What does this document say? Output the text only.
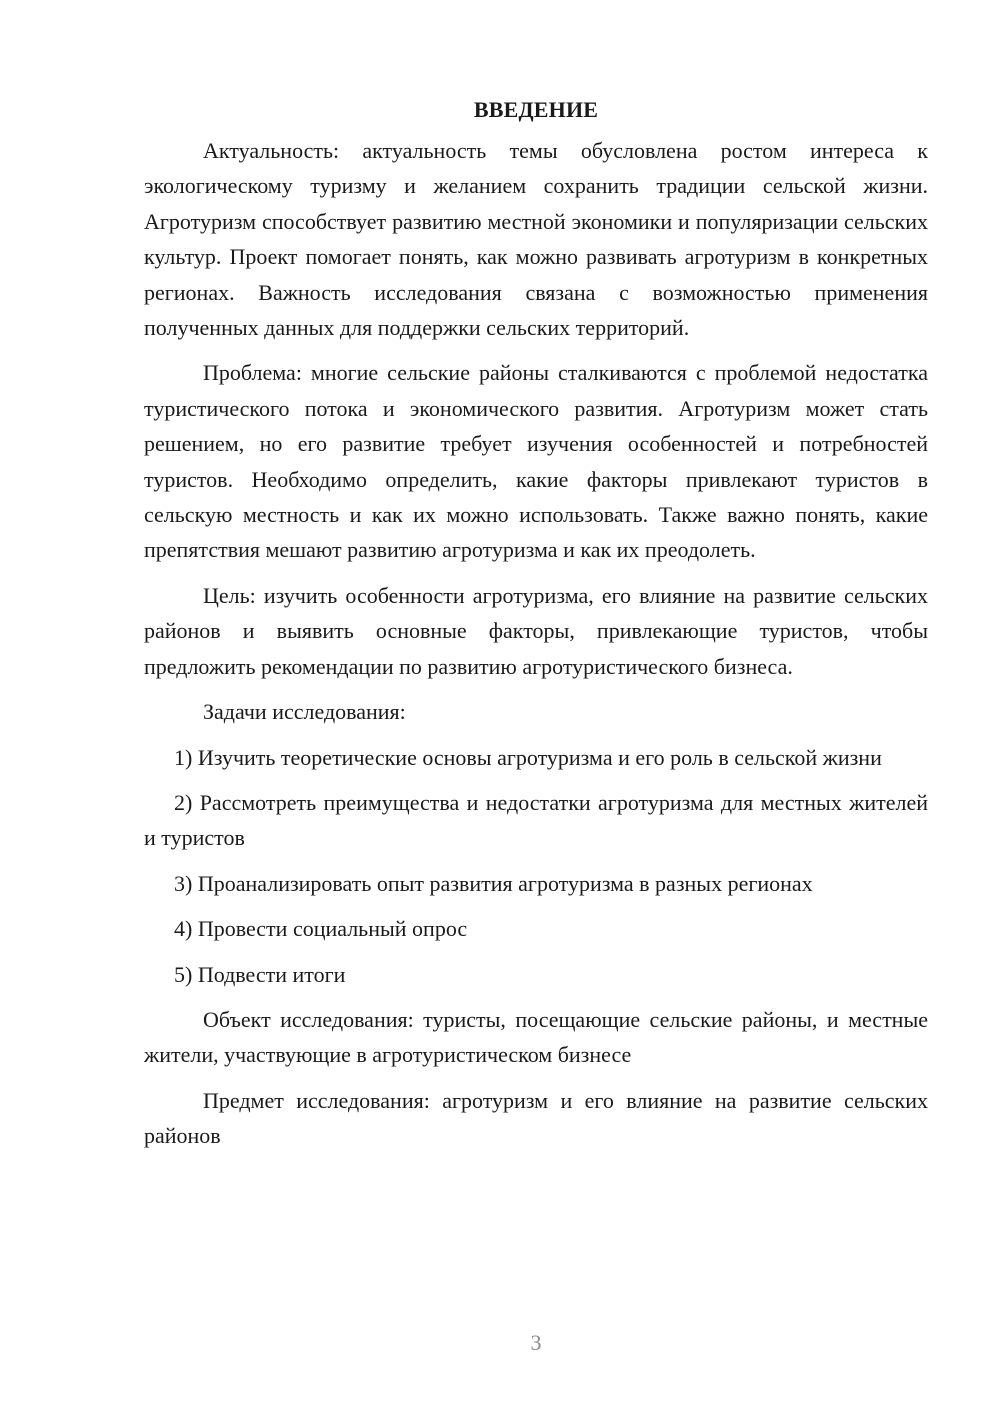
ВВЕДЕНИЕ

Актуальность: актуальность темы обусловлена ростом интереса к экологическому туризму и желанием сохранить традиции сельской жизни. Агротуризм способствует развитию местной экономики и популяризации сельских культур. Проект помогает понять, как можно развивать агротуризм в конкретных регионах. Важность исследования связана с возможностью применения полученных данных для поддержки сельских территорий.

Проблема: многие сельские районы сталкиваются с проблемой недостатка туристического потока и экономического развития. Агротуризм может стать решением, но его развитие требует изучения особенностей и потребностей туристов. Необходимо определить, какие факторы привлекают туристов в сельскую местность и как их можно использовать. Также важно понять, какие препятствия мешают развитию агротуризма и как их преодолеть.

Цель: изучить особенности агротуризма, его влияние на развитие сельских районов и выявить основные факторы, привлекающие туристов, чтобы предложить рекомендации по развитию агротуристического бизнеса.

Задачи исследования:

1) Изучить теоретические основы агротуризма и его роль в сельской жизни

2) Рассмотреть преимущества и недостатки агротуризма для местных жителей и туристов

3) Проанализировать опыт развития агротуризма в разных регионах

4) Провести социальный опрос

5) Подвести итоги

Объект исследования: туристы, посещающие сельские районы, и местные жители, участвующие в агротуристическом бизнесе

Предмет исследования: агротуризм и его влияние на развитие сельских районов

3
